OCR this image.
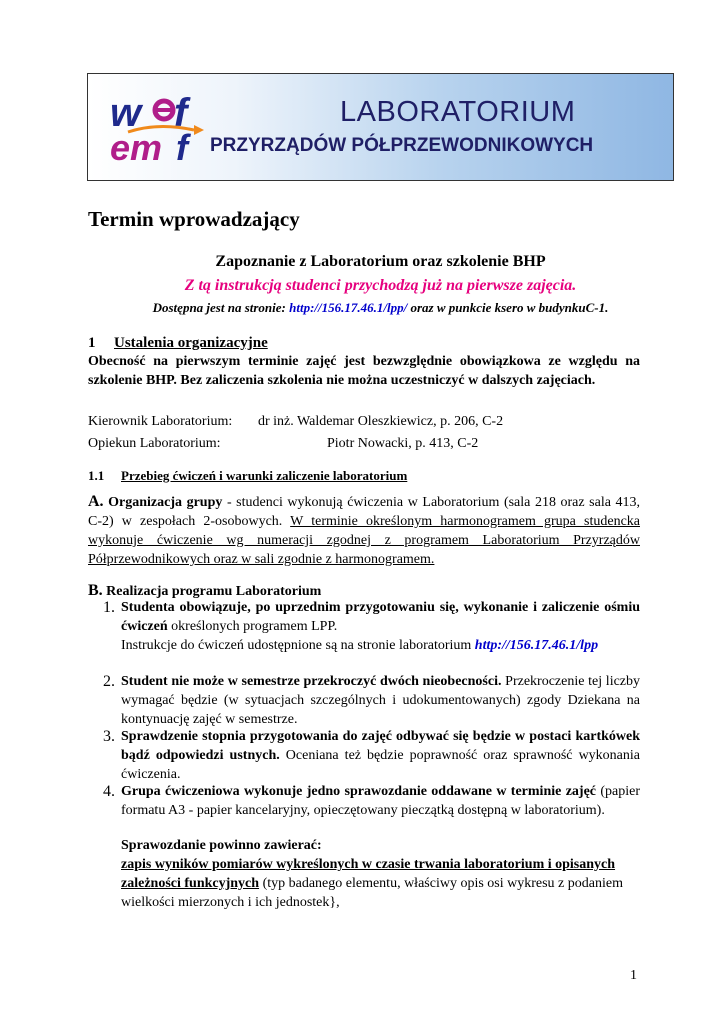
w f
em f
LABORATORIUM
PRZYRZĄDÓW PÓŁPRZEWODNIKOWYCH
Termin wprowadzający
Zapoznanie z Laboratorium oraz szkolenie BHP
Z tą instrukcją studenci przychodzą już na pierwsze zajęcia.
Dostępna jest na stronie: http://156.17.46.1/lpp/ oraz w punkcie ksero w budynkuC-1.
1 Ustalenia organizacyjne
Obecność na pierwszym terminie zajęć jest bezwzględnie obowiązkowa ze względu na szkolenie BHP. Bez zaliczenia szkolenia nie można uczestniczyć w dalszych zajęciach.
Kierownik Laboratorium: dr inż. Waldemar Oleszkiewicz, p. 206, C-2
Opiekun Laboratorium:	Piotr Nowacki, p. 413, C-2
1.1 Przebieg ćwiczeń i warunki zaliczenie laboratorium
A. Organizacja grupy - studenci wykonują ćwiczenia w Laboratorium (sala 218 oraz sala 413, C-2) w zespołach 2-osobowych. W terminie określonym harmonogramem grupa studencka wykonuje ćwiczenie wg numeracji zgodnej z programem Laboratorium Przyrządów Półprzewodnikowych oraz w sali zgodnie z harmonogramem.
B. Realizacja programu Laboratorium
1. Studenta obowiązuje, po uprzednim przygotowaniu się, wykonanie i zaliczenie ośmiu ćwiczeń określonych programem LPP.
Instrukcje do ćwiczeń udostępnione są na stronie laboratorium http://156.17.46.1/lpp
2. Student nie może w semestrze przekroczyć dwóch nieobecności. Przekroczenie tej liczby wymagać będzie (w sytuacjach szczególnych i udokumentowanych) zgody Dziekana na kontynuację zajęć w semestrze.
3. Sprawdzenie stopnia przygotowania do zajęć odbywać się będzie w postaci kartkówek bądź odpowiedzi ustnych. Oceniana też będzie poprawność oraz sprawność wykonania ćwiczenia.
4. Grupa ćwiczeniowa wykonuje jedno sprawozdanie oddawane w terminie zajęć (papier formatu A3 - papier kancelaryjny, opieczętowany pieczątką dostępną w laboratorium).
Sprawozdanie powinno zawierać:
zapis wyników pomiarów wykreślonych w czasie trwania laboratorium i opisanych zależności funkcyjnych (typ badanego elementu, właściwy opis osi wykresu z podaniem wielkości mierzonych i ich jednostek},
1
